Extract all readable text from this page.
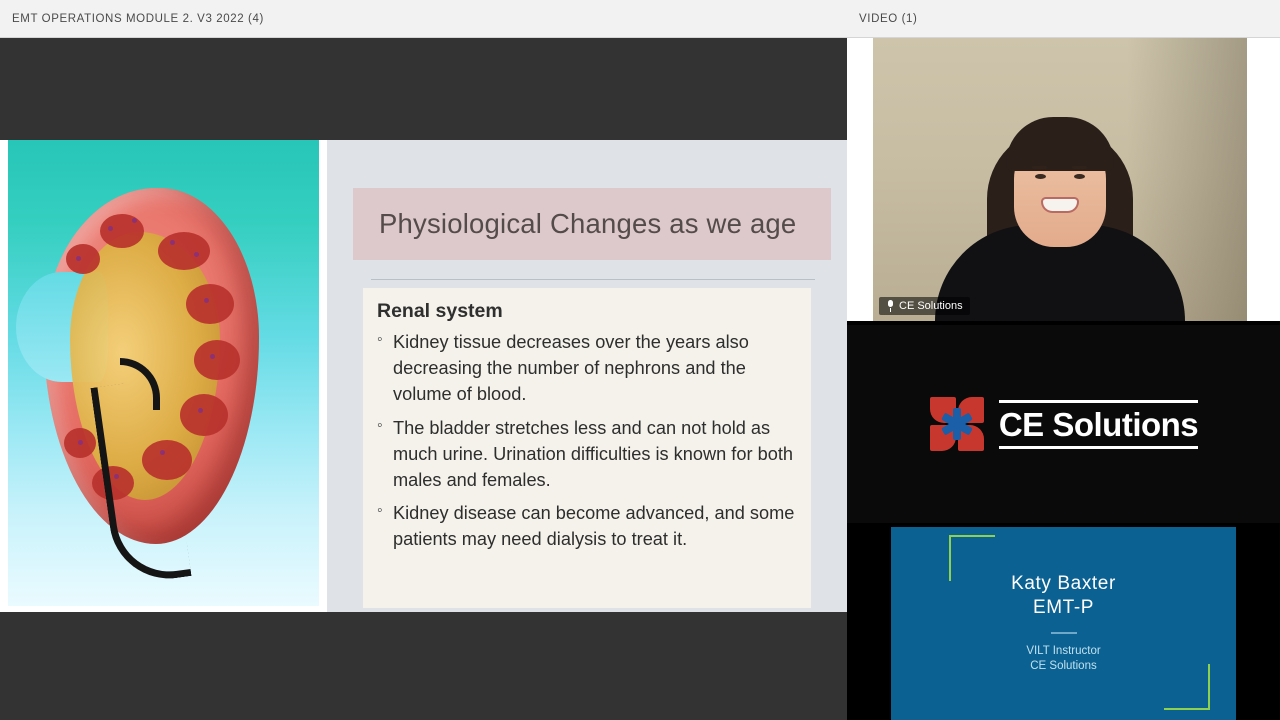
EMT OPERATIONS MODULE 2. V3 2022 (4)
Physiological Changes as we age
Renal system
◦ Kidney tissue decreases over the years also decreasing the number of nephrons and the volume of blood.
◦ The bladder stretches less and can not hold as much urine. Urination difficulties is known for both males and females.
◦ Kidney disease can become advanced, and some patients may need dialysis to treat it.
VIDEO (1)
CE Solutions
CE Solutions
Katy Baxter
EMT-P
VILT Instructor
CE Solutions
